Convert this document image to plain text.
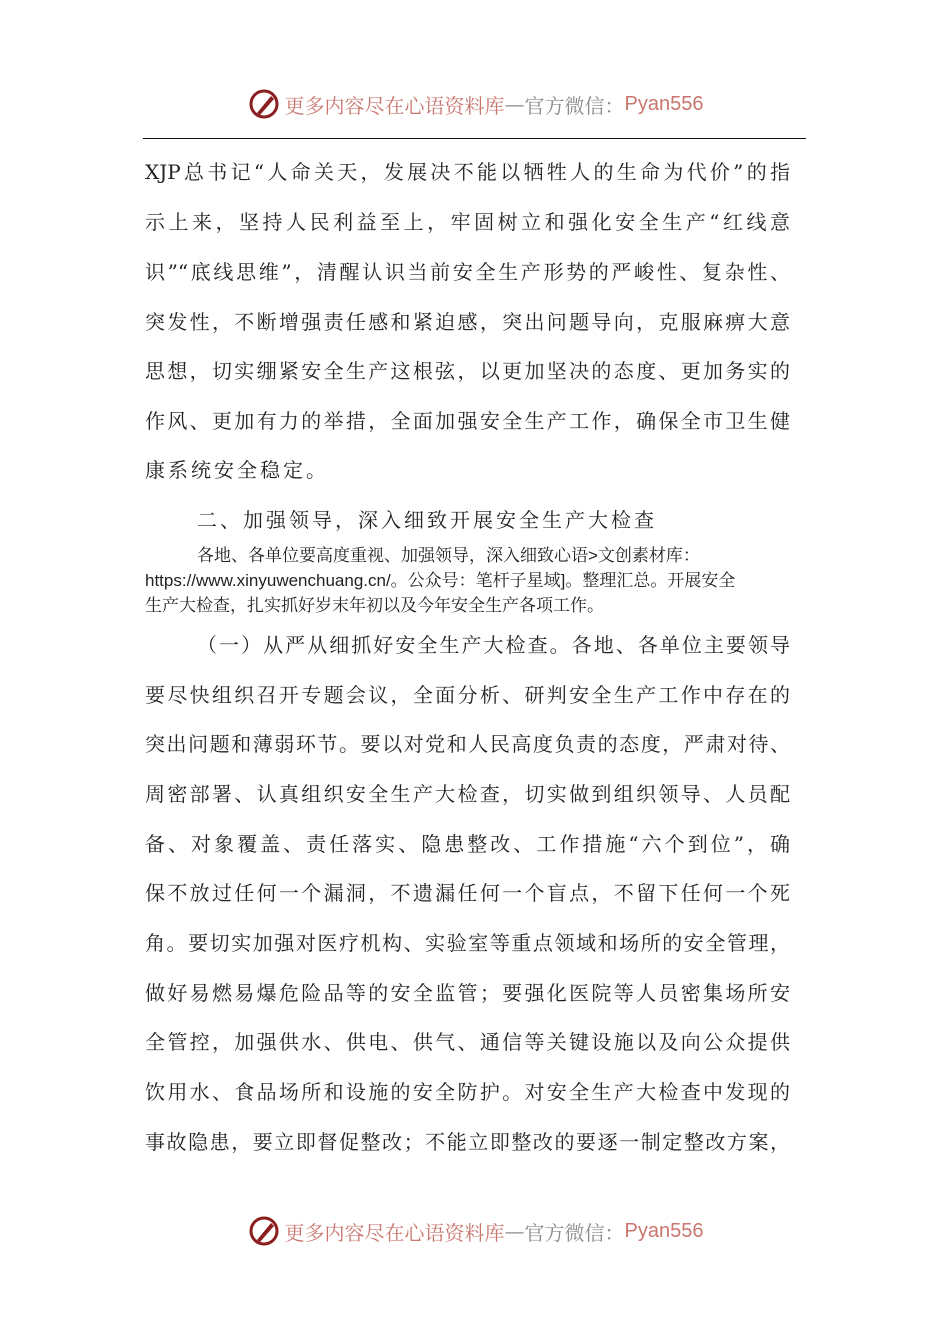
更多内容尽在心语资料库 — 官方微信： Pyan556
XJP总书记“人命关天，发展决不能以牺牲人的生命为代价”的指
示上来，坚持人民利益至上，牢固树立和强化安全生产“红线意
识”“底线思维”，清醒认识当前安全生产形势的严峻性、复杂性、
突发性，不断增强责任感和紧迫感，突出问题导向，克服麻痹大意
思想，切实绷紧安全生产这根弦，以更加坚决的态度、更加务实的
作风、更加有力的举措，全面加强安全生产工作，确保全市卫生健
康系统安全稳定。
二、加强领导，深入细致开展安全生产大检查
各地、各单位要高度重视、加强领导，深入细致心语>文创素材库：
https://www.xinyuwenchuang.cn/。公众号：笔杆子星域]。整理汇总。开展安全
生产大检查，扎实抓好岁末年初以及今年安全生产各项工作。
（一）从严从细抓好安全生产大检查。各地、各单位主要领导
要尽快组织召开专题会议，全面分析、研判安全生产工作中存在的
突出问题和薄弱环节。要以对党和人民高度负责的态度，严肃对待、
周密部署、认真组织安全生产大检查，切实做到组织领导、人员配
备、对象覆盖、责任落实、隐患整改、工作措施“六个到位”，确
保不放过任何一个漏洞，不遗漏任何一个盲点，不留下任何一个死
角。要切实加强对医疗机构、实验室等重点领域和场所的安全管理，
做好易燃易爆危险品等的安全监管；要强化医院等人员密集场所安
全管控，加强供水、供电、供气、通信等关键设施以及向公众提供
饮用水、食品场所和设施的安全防护。对安全生产大检查中发现的
事故隐患，要立即督促整改；不能立即整改的要逐一制定整改方案，
更多内容尽在心语资料库 — 官方微信： Pyan556
